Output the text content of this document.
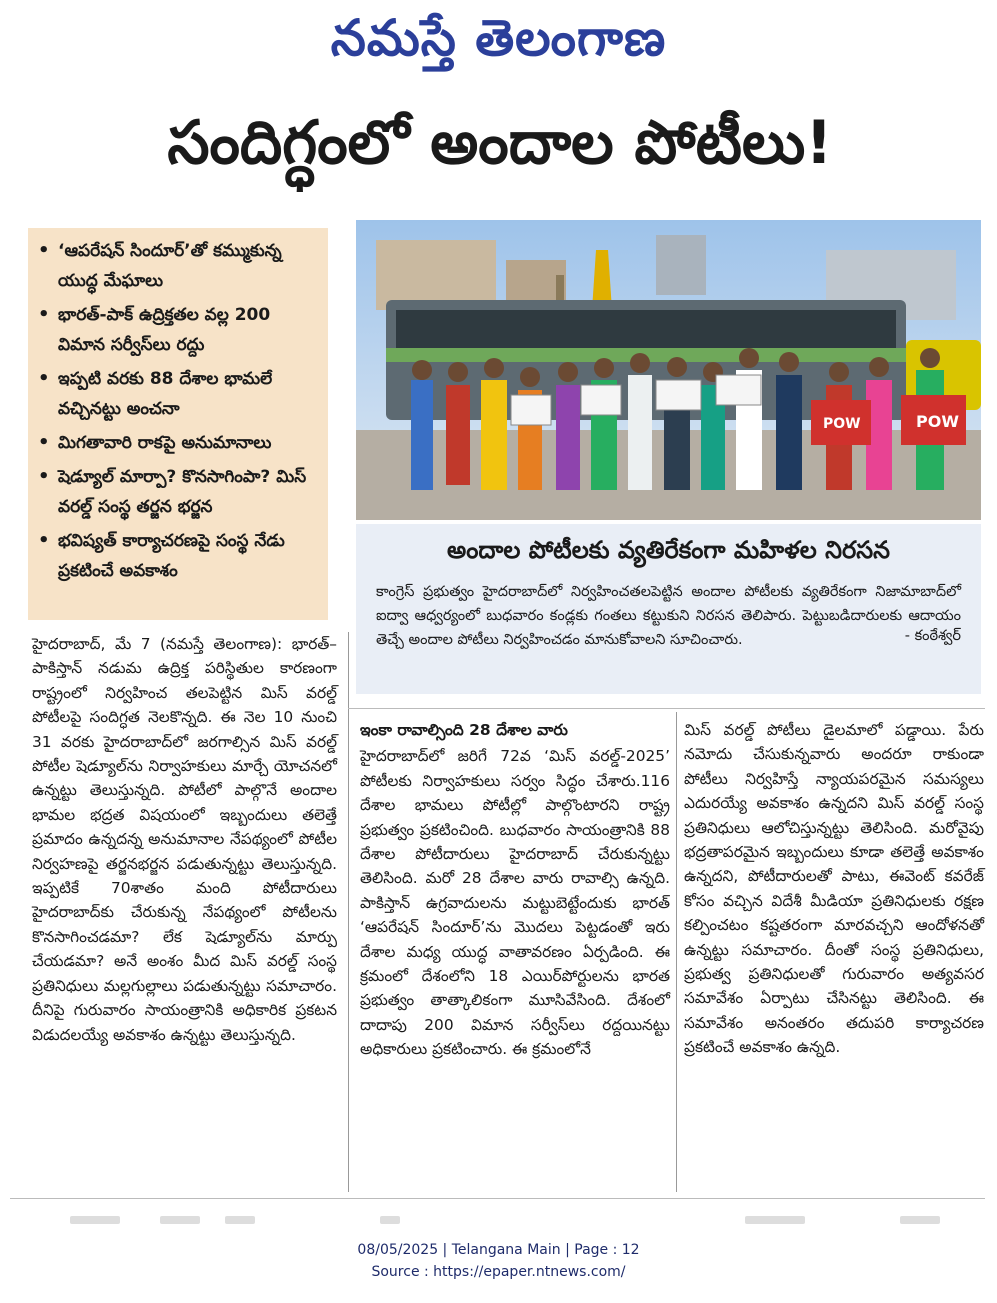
నమస్తే తెలంగాణ
సందిగ్ధంలో అందాల పోటీలు!
• ‘ఆపరేషన్ సిందూర్’తో కమ్ముకున్న యుద్ధ మేఘాలు
• భారత్-పాక్ ఉద్రిక్తతల వల్ల 200 విమాన సర్వీస్‌లు రద్దు
• ఇప్పటి వరకు 88 దేశాల భామలే వచ్చినట్టు అంచనా
• మిగతావారి రాకపై అనుమానాలు
• షెడ్యూల్ మార్పా? కొనసాగింపా? మిస్ వరల్డ్ సంస్థ తర్జన భర్జన
• భవిష్యత్ కార్యాచరణపై సంస్థ నేడు ప్రకటించే అవకాశం
POW	POW
అందాల పోటీలకు వ్యతిరేకంగా మహిళల నిరసన
కాంగ్రెస్ ప్రభుత్వం హైదరాబాద్‌లో నిర్వహించతలపెట్టిన అందాల పోటీలకు వ్యతిరేకంగా నిజామాబాద్‌లో ఐద్వా ఆధ్వర్యంలో బుధవారం కండ్లకు గంతలు కట్టుకుని నిరసన తెలిపారు. పెట్టుబడిదారులకు ఆదాయం తెచ్చే అందాల పోటీలు నిర్వహించడం మానుకోవాలని సూచించారు.	- కంఠేశ్వర్
హైదరాబాద్, మే 7 (నమస్తే తెలంగాణ): భారత్– పాకిస్తాన్ నడుమ ఉద్రిక్త పరిస్థితుల కారణంగా రాష్ట్రంలో నిర్వహించ తలపెట్టిన మిస్ వరల్డ్ పోటీలపై సందిగ్ధత నెలకొన్నది. ఈ నెల 10 నుంచి 31 వరకు హైదరాబాద్‌లో జరగాల్సిన మిస్ వరల్డ్ పోటీల షెడ్యూల్‌ను నిర్వాహకులు మార్చే యోచనలో ఉన్నట్టు తెలుస్తున్నది. పోటీలో పాల్గొనే అందాల భామల భద్రత విషయంలో ఇబ్బందులు తలెత్తే ప్రమాదం ఉన్నదన్న అనుమానాల నేపథ్యంలో పోటీల నిర్వహణపై తర్జనభర్జన పడుతున్నట్టు తెలుస్తున్నది. ఇప్పటికే 70శాతం మంది పోటీదారులు హైదరాబాద్‌కు చేరుకున్న నేపథ్యంలో పోటీలను కొనసాగించడమా? లేక షెడ్యూల్‌ను మార్పు చేయడమా? అనే అంశం మీద మిస్ వరల్డ్ సంస్థ ప్రతినిధులు మల్లగుల్లాలు పడుతున్నట్టు సమాచారం. దీనిపై గురువారం సాయంత్రానికి అధికారిక ప్రకటన విడుదలయ్యే అవకాశం ఉన్నట్టు తెలుస్తున్నది.
ఇంకా రావాల్సింది 28 దేశాల వారు
హైదరాబాద్‌లో జరిగే 72వ ‘మిస్ వరల్డ్-2025’ పోటీలకు నిర్వాహకులు సర్వం సిద్ధం చేశారు.116 దేశాల భామలు పోటీల్లో పాల్గొంటారని రాష్ట్ర ప్రభుత్వం ప్రకటించింది. బుధవారం సాయంత్రానికి 88 దేశాల పోటీదారులు హైదరాబాద్ చేరుకున్నట్టు తెలిసింది. మరో 28 దేశాల వారు రావాల్సి ఉన్నది. పాకిస్తాన్ ఉగ్రవాదులను మట్టుబెట్టేందుకు భారత్ ‘ఆపరేషన్ సిందూర్’ను మొదలు పెట్టడంతో ఇరు దేశాల మధ్య యుద్ధ వాతావరణం ఏర్పడింది. ఈ క్రమంలో దేశంలోని 18 ఎయిర్‌పోర్టులను భారత ప్రభుత్వం తాత్కాలికంగా మూసివేసింది. దేశంలో దాదాపు 200 విమాన సర్వీస్‌లు రద్దయినట్టు అధికారులు ప్రకటించారు. ఈ క్రమంలోనే
మిస్ వరల్డ్ పోటీలు డైలమాలో పడ్డాయి. పేరు నమోదు చేసుకున్నవారు అందరూ రాకుండా పోటీలు నిర్వహిస్తే న్యాయపరమైన సమస్యలు ఎదురయ్యే అవకాశం ఉన్నదని మిస్ వరల్డ్ సంస్థ ప్రతినిధులు ఆలోచిస్తున్నట్టు తెలిసింది. మరోవైపు భద్రతాపరమైన ఇబ్బందులు కూడా తలెత్తే అవకాశం ఉన్నదని, పోటీదారులతో పాటు, ఈవెంట్ కవరేజ్ కోసం వచ్చిన విదేశీ మీడియా ప్రతినిధులకు రక్షణ కల్పించటం కష్టతరంగా మారవచ్చని ఆందోళనతో ఉన్నట్టు సమాచారం. దీంతో సంస్థ ప్రతినిధులు, ప్రభుత్వ ప్రతినిధులతో గురువారం అత్యవసర సమావేశం ఏర్పాటు చేసినట్టు తెలిసింది. ఈ సమావేశం అనంతరం తదుపరి కార్యాచరణ ప్రకటించే అవకాశం ఉన్నది.
08/05/2025 | Telangana Main | Page : 12
Source : https://epaper.ntnews.com/
